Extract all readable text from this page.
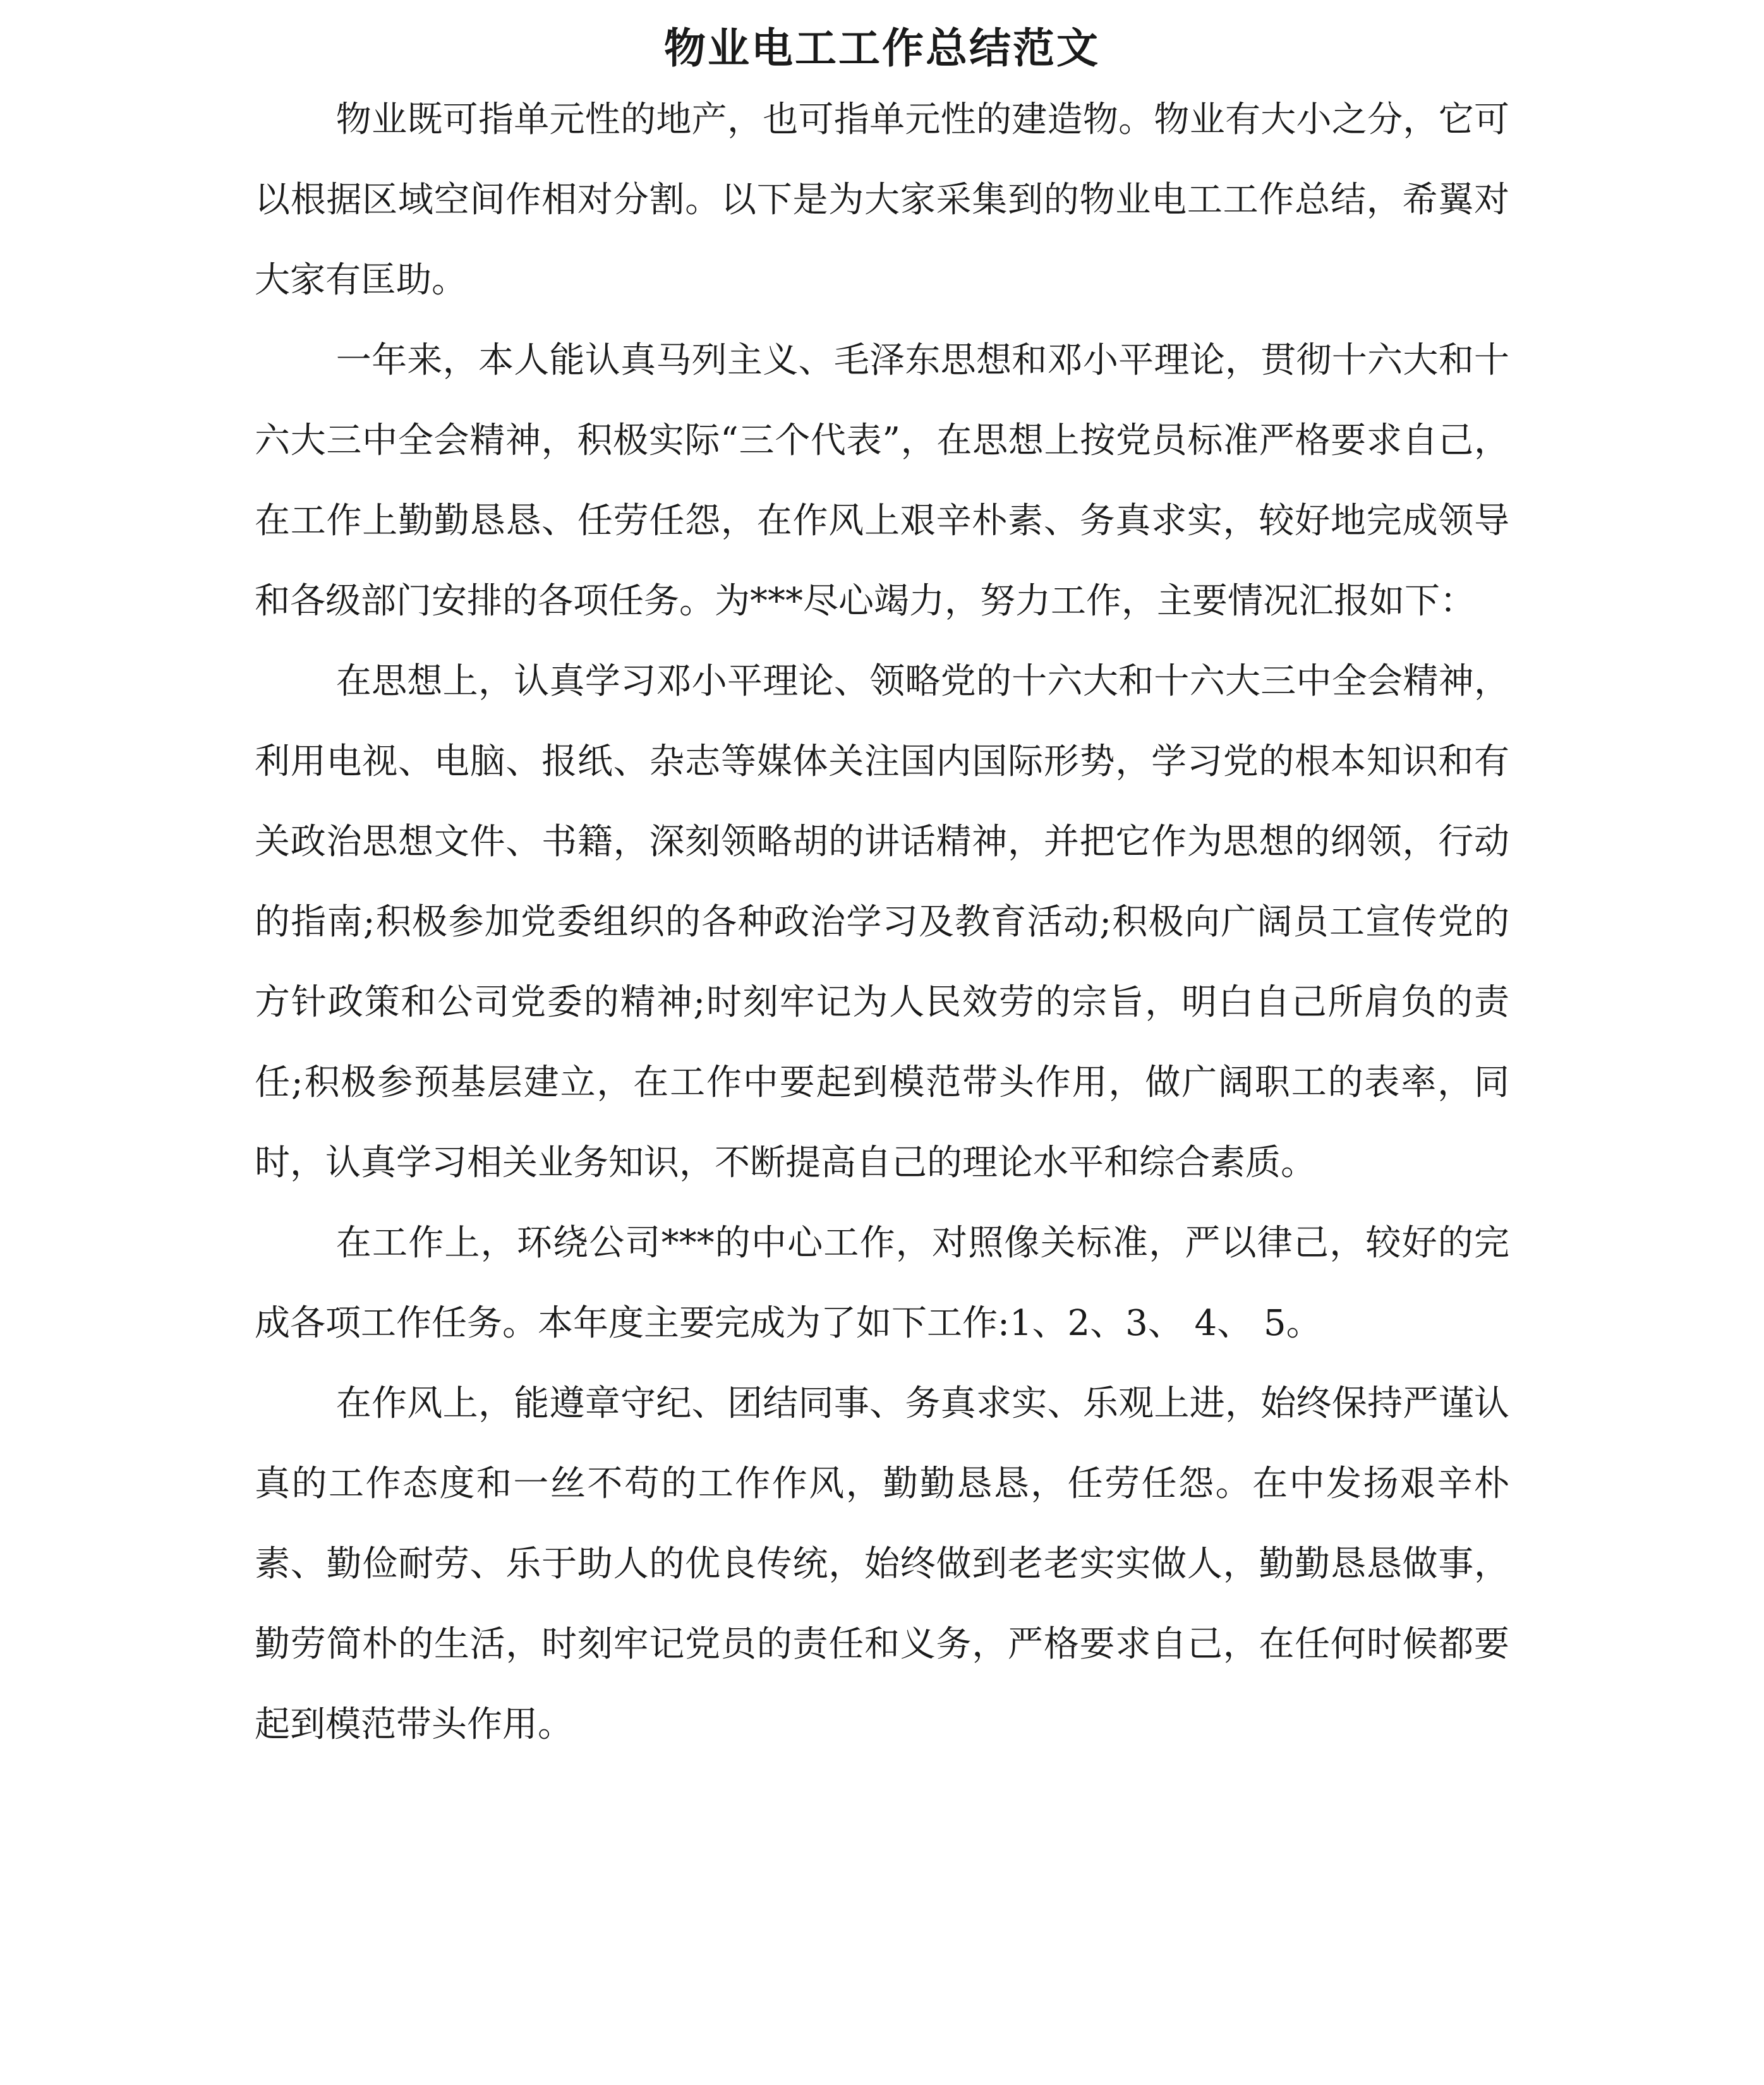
物业电工工作总结范文

物业既可指单元性的地产，也可指单元性的建造物。物业有大小之分，它可以根据区域空间作相对分割。以下是为大家采集到的物业电工工作总结，希翼对大家有匡助。

一年来，本人能认真马列主义、毛泽东思想和邓小平理论，贯彻十六大和十六大三中全会精神，积极实际“三个代表”，在思想上按党员标准严格要求自己，在工作上勤勤恳恳、任劳任怨，在作风上艰辛朴素、务真求实，较好地完成领导和各级部门安排的各项任务。为***尽心竭力，努力工作，主要情况汇报如下：

在思想上，认真学习邓小平理论、领略党的十六大和十六大三中全会精神，利用电视、电脑、报纸、杂志等媒体关注国内国际形势，学习党的根本知识和有关政治思想文件、书籍，深刻领略胡的讲话精神，并把它作为思想的纲领，行动的指南;积极参加党委组织的各种政治学习及教育活动;积极向广阔员工宣传党的方针政策和公司党委的精神;时刻牢记为人民效劳的宗旨，明白自己所肩负的责任;积极参预基层建立，在工作中要起到模范带头作用，做广阔职工的表率，同时，认真学习相关业务知识，不断提高自己的理论水平和综合素质。

在工作上，环绕公司***的中心工作，对照像关标准，严以律己，较好的完成各项工作任务。本年度主要完成为了如下工作:1、2、3、 4、 5。

在作风上，能遵章守纪、团结同事、务真求实、乐观上进，始终保持严谨认真的工作态度和一丝不苟的工作作风，勤勤恳恳，任劳任怨。在中发扬艰辛朴素、勤俭耐劳、乐于助人的优良传统，始终做到老老实实做人，勤勤恳恳做事，勤劳简朴的生活，时刻牢记党员的责任和义务，严格要求自己，在任何时候都要起到模范带头作用。
